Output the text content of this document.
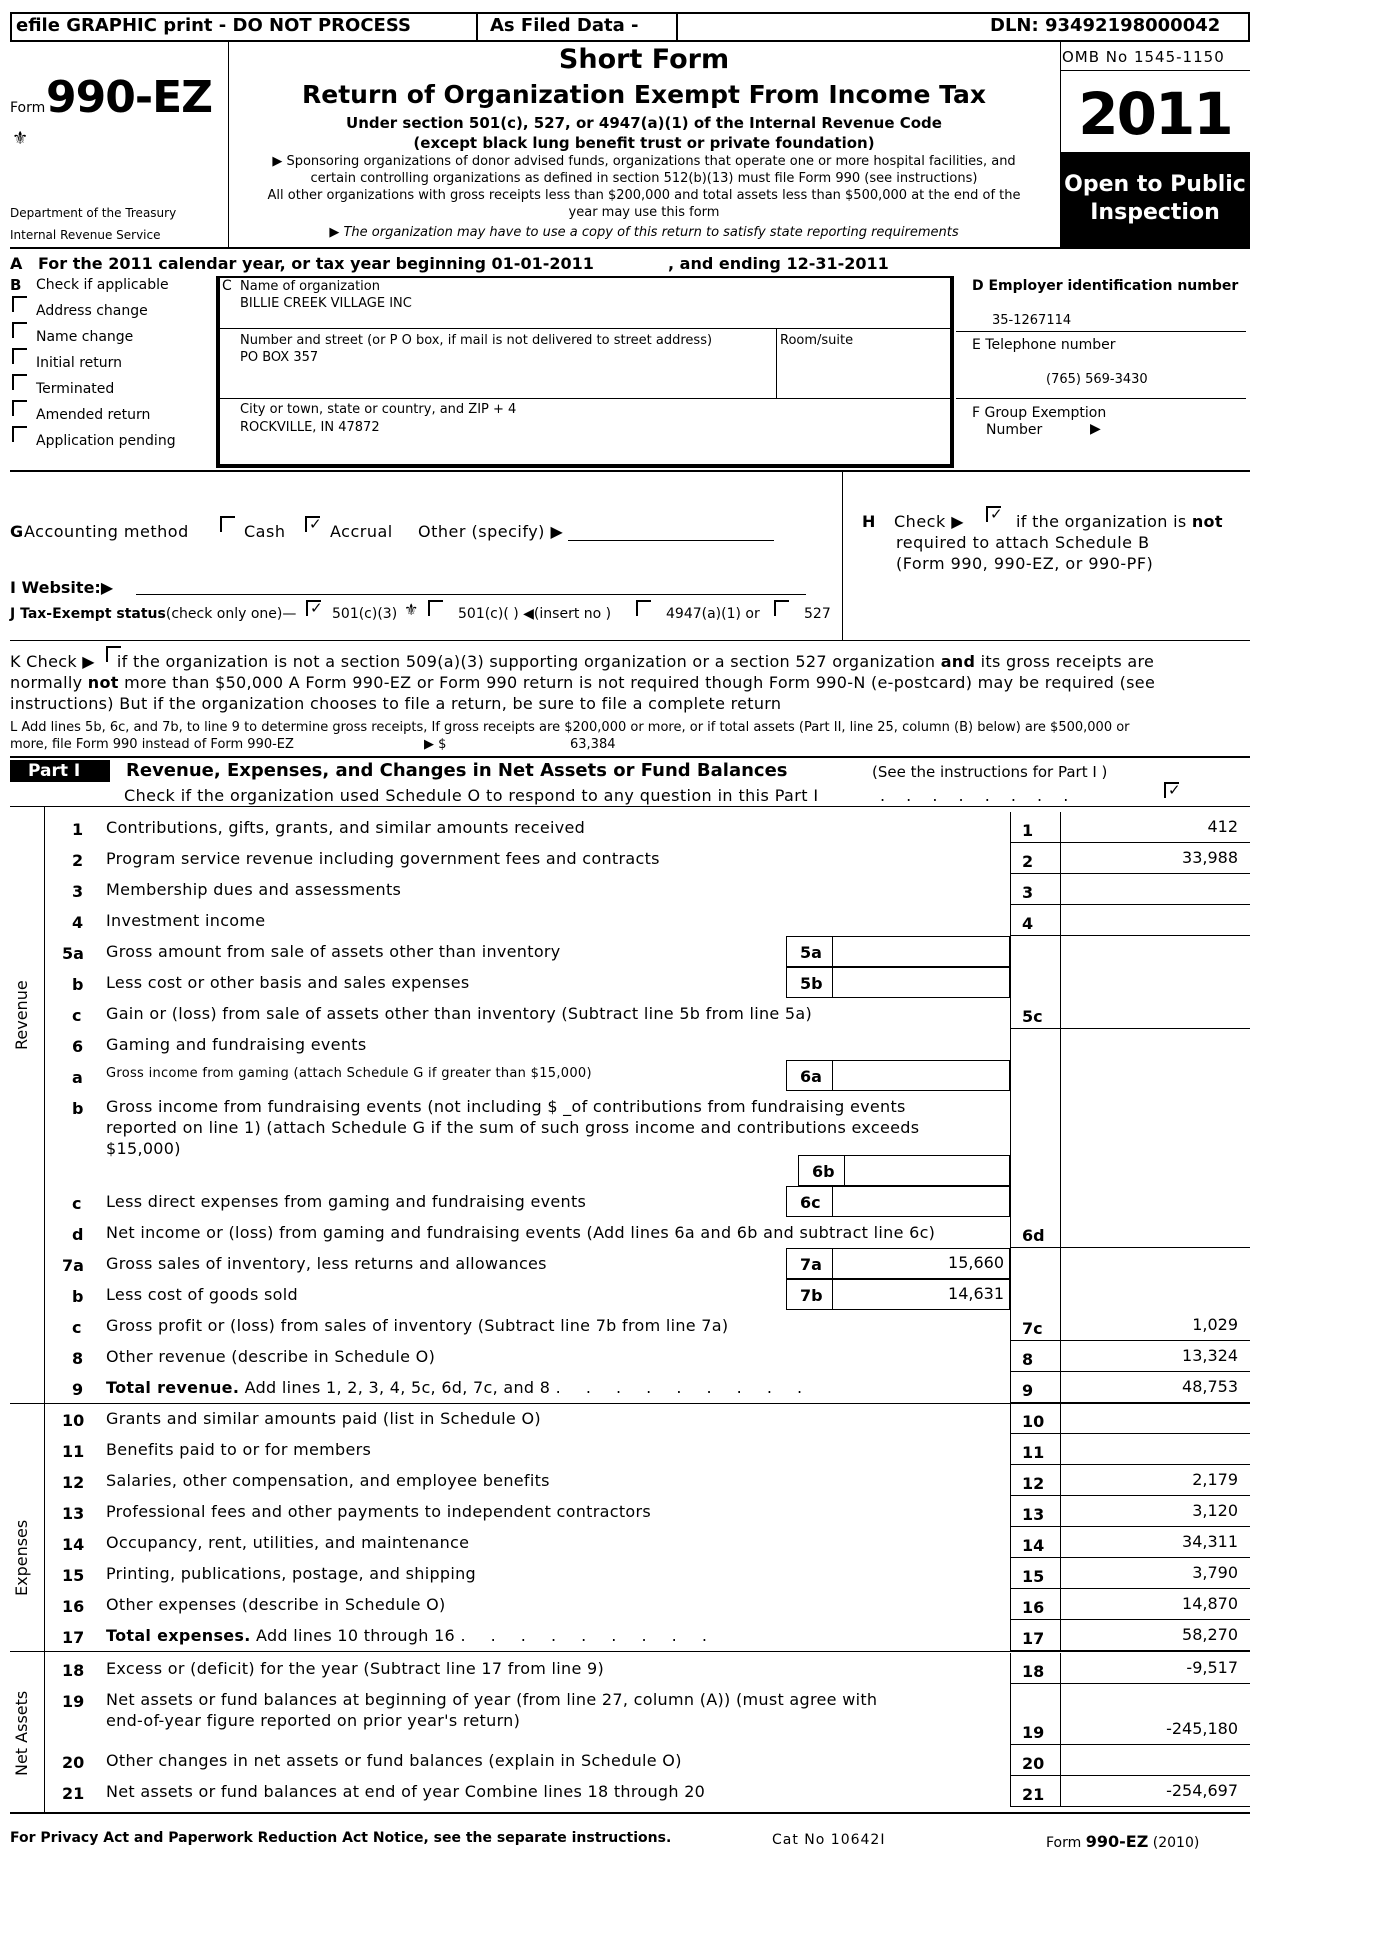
efile GRAPHIC print - DO NOT PROCESS	As Filed Data -	DLN: 93492198000042
Form 990-EZ
⚜
Department of the Treasury
Internal Revenue Service
Short Form
Return of Organization Exempt From Income Tax
Under section 501(c), 527, or 4947(a)(1) of the Internal Revenue Code
(except black lung benefit trust or private foundation)
▶ Sponsoring organizations of donor advised funds, organizations that operate one or more hospital facilities, and
certain controlling organizations as defined in section 512(b)(13) must file Form 990 (see instructions)
All other organizations with gross receipts less than $200,000 and total assets less than $500,000 at the end of the
year may use this form
▶ The organization may have to use a copy of this return to satisfy state reporting requirements
OMB No 1545-1150
2011
Open to Public
Inspection
A For the 2011 calendar year, or tax year beginning 01-01-2011	, and ending 12-31-2011
B Check if applicable
Address change
Name change
Initial return
Terminated
Amended return
Application pending
C Name of organization
BILLIE CREEK VILLAGE INC
Number and street (or P O box, if mail is not delivered to street address)	Room/suite
PO BOX 357
City or town, state or country, and ZIP + 4
ROCKVILLE, IN 47872
D Employer identification number
35-1267114
E Telephone number
(765) 569-3430
F Group Exemption
Number	▶
G Accounting method	Cash ✓ Accrual Other (specify) ▶
H Check ▶ ✓ if the organization is not
required to attach Schedule B
(Form 990, 990-EZ, or 990-PF)
I Website:▶
J Tax-Exempt status(check only one)— ✓ 501(c)(3) ⚜	501(c)( ) ◀(insert no )	4947(a)(1) or	527
K Check ▶ if the organization is not a section 509(a)(3) supporting organization or a section 527 organization and its gross receipts are
normally not more than $50,000 A Form 990-EZ or Form 990 return is not required though Form 990-N (e-postcard) may be required (see
instructions) But if the organization chooses to file a return, be sure to file a complete return
L Add lines 5b, 6c, and 7b, to line 9 to determine gross receipts, If gross receipts are $200,000 or more, or if total assets (Part II, line 25, column (B) below) are $500,000 or
more, file Form 990 instead of Form 990-EZ	▶ $	63,384
Part I	Revenue, Expenses, and Changes in Net Assets or Fund Balances	(See the instructions for Part I )
Check if the organization used Schedule O to respond to any question in this Part I	. . . . . . . .	✓
1 Contributions, gifts, grants, and similar amounts received	1	412
2 Program service revenue including government fees and contracts	2	33,988
3 Membership dues and assessments	3
4 Investment income	4
5a Gross amount from sale of assets other than inventory	5a
b Less cost or other basis and sales expenses	5b
c Gain or (loss) from sale of assets other than inventory (Subtract line 5b from line 5a)	5c
6 Gaming and fundraising events
a Gross income from gaming (attach Schedule G if greater than $15,000)	6a
b Gross income from fundraising events (not including $ _of contributions from fundraising events
reported on line 1) (attach Schedule G if the sum of such gross income and contributions exceeds
$15,000)
6b
c Less direct expenses from gaming and fundraising events	6c
d Net income or (loss) from gaming and fundraising events (Add lines 6a and 6b and subtract line 6c)	6d
7a Gross sales of inventory, less returns and allowances	7a	15,660
b Less cost of goods sold	7b	14,631
c Gross profit or (loss) from sales of inventory (Subtract line 7b from line 7a)	7c	1,029
8 Other revenue (describe in Schedule O)	8	13,324
9 Total revenue. Add lines 1, 2, 3, 4, 5c, 6d, 7c, and 8 . . . . . . . . .	9	48,753
10 Grants and similar amounts paid (list in Schedule O)	10
11 Benefits paid to or for members	11
12 Salaries, other compensation, and employee benefits	12	2,179
13 Professional fees and other payments to independent contractors	13	3,120
14 Occupancy, rent, utilities, and maintenance	14	34,311
15 Printing, publications, postage, and shipping	15	3,790
16 Other expenses (describe in Schedule O)	16	14,870
17 Total expenses. Add lines 10 through 16 . . . . . . . . .	17	58,270
18 Excess or (deficit) for the year (Subtract line 17 from line 9)	18	-9,517
19 Net assets or fund balances at beginning of year (from line 27, column (A)) (must agree with
end-of-year figure reported on prior year's return)
19	-245,180
20 Other changes in net assets or fund balances (explain in Schedule O)	20
21 Net assets or fund balances at end of year Combine lines 18 through 20	21	-254,697
Revenue
Expenses
Net Assets
For Privacy Act and Paperwork Reduction Act Notice, see the separate instructions.	Cat No 10642I	Form 990-EZ (2010)
